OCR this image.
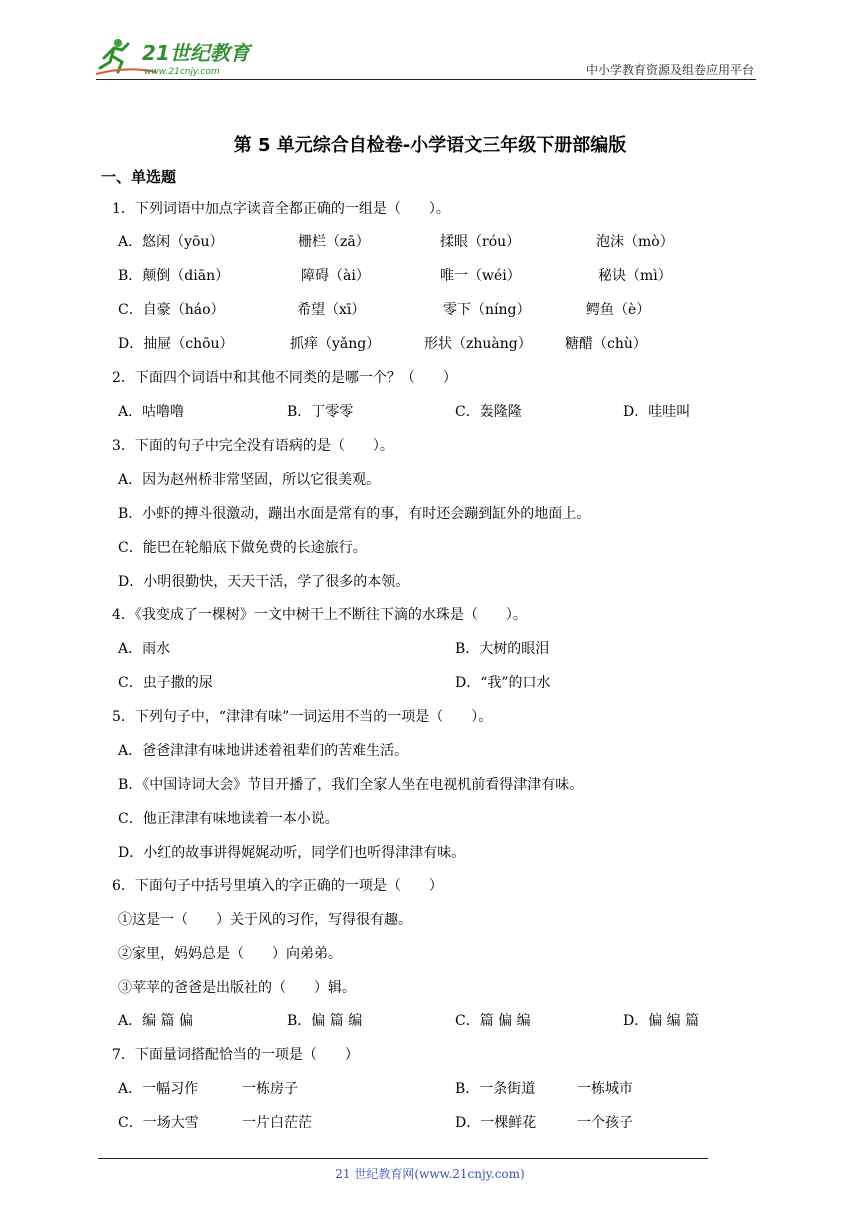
21世纪教育
www.21cnjy.com	中小学教育资源及组卷应用平台
第 5 单元综合自检卷-小学语文三年级下册部编版
一、单选题
1．下列词语中加点字读音全都正确的一组是（　　）。
A．悠闲（yōu）	栅栏（zā）	揉眼（róu）	泡沫（mò）
B．颠倒（diān）	障碍（ài）	唯一（wéi）	秘诀（mì）
C．自豪（háo）	希望（xī）	零下（níng）	鳄鱼（è）
D．抽屉（chōu）	抓痒（yǎng）	形状（zhuàng） 糖醋（chù）
2．下面四个词语中和其他不同类的是哪一个？（　　）
A．咕噜噜	B．丁零零	C．轰隆隆	D．哇哇叫
3．下面的句子中完全没有语病的是（　　）。
A．因为赵州桥非常坚固，所以它很美观。
B．小虾的搏斗很激动，蹦出水面是常有的事，有时还会蹦到缸外的地面上。
C．能巴在轮船底下做免费的长途旅行。
D．小明很勤快，天天干活，学了很多的本领。
4．《我变成了一棵树》一文中树干上不断往下滴的水珠是（　　）。
A．雨水	B．大树的眼泪
C．虫子撒的尿	D．“我”的口水
5．下列句子中，“津津有味”一词运用不当的一项是（　　）。
A．爸爸津津有味地讲述着祖辈们的苦难生活。
B．《中国诗词大会》节目开播了，我们全家人坐在电视机前看得津津有味。
C．他正津津有味地读着一本小说。
D．小红的故事讲得娓娓动听，同学们也听得津津有味。
6．下面句子中括号里填入的字正确的一项是（　　）
①这是一（　　）关于风的习作，写得很有趣。
②家里，妈妈总是（　　）向弟弟。
③苹苹的爸爸是出版社的（　　）辑。
A．编 篇 偏	B．偏 篇 编	C．篇 偏 编	D．偏 编 篇
7．下面量词搭配恰当的一项是（　　）
A．一幅习作	一栋房子	B．一条街道	一栋城市
C．一场大雪	一片白茫茫	D．一棵鲜花	一个孩子
21 世纪教育网(www.21cnjy.com)
